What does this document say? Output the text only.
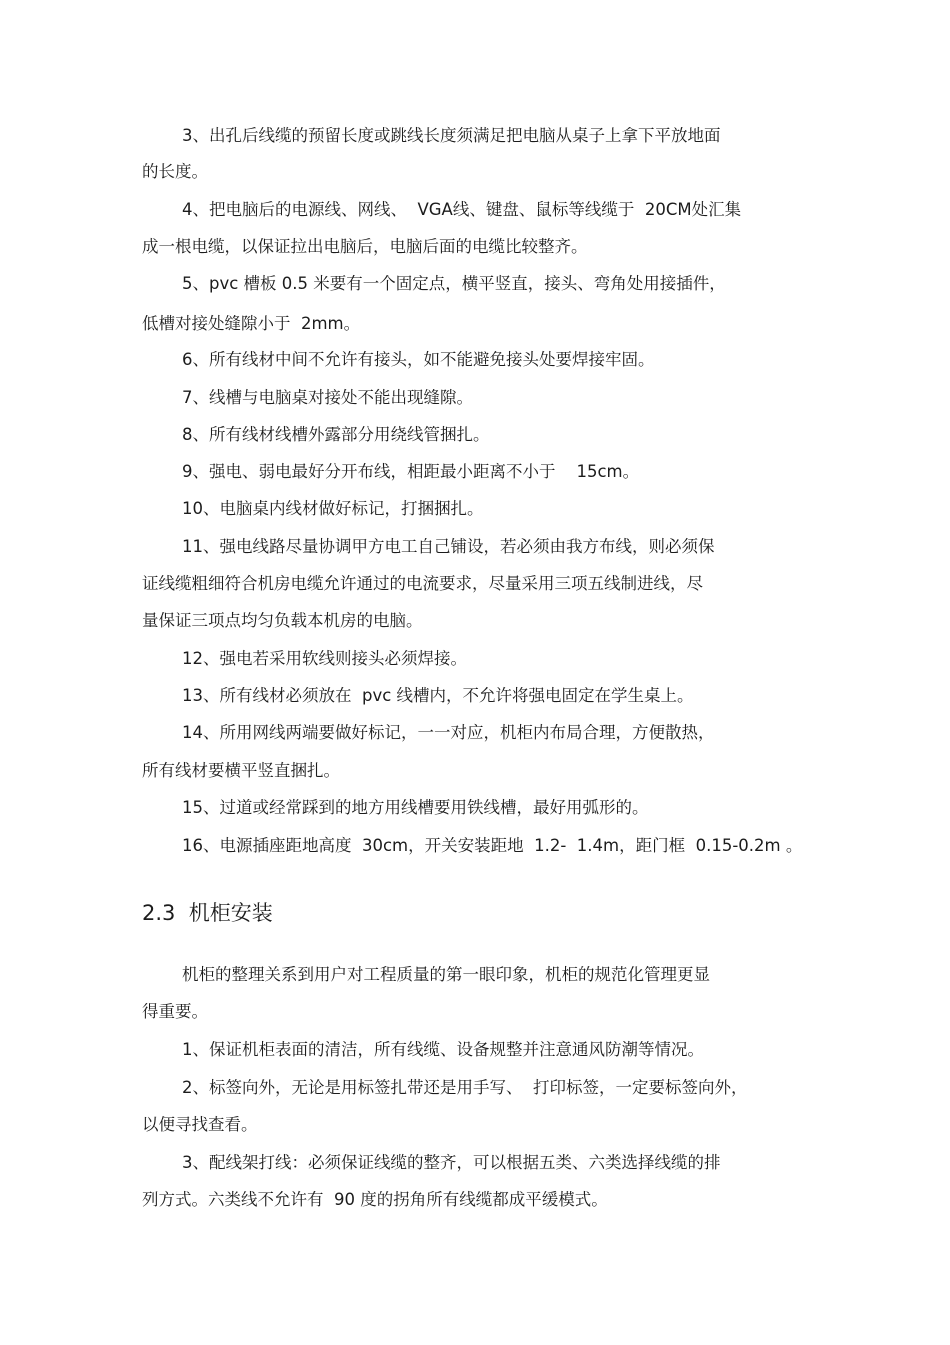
3、出孔后线缆的预留长度或跳线长度须满足把电脑从桌子上拿下平放地面
的长度。
4、把电脑后的电源线、网线、  VGA线、键盘、鼠标等线缆于  20CM处汇集
成一根电缆，以保证拉出电脑后，电脑后面的电缆比较整齐。
5、pvc 槽板 0.5 米要有一个固定点，横平竖直，接头、弯角处用接插件，
低槽对接处缝隙小于  2mm。
6、所有线材中间不允许有接头，如不能避免接头处要焊接牢固。
7、线槽与电脑桌对接处不能出现缝隙。
8、所有线材线槽外露部分用绕线管捆扎。
9、强电、弱电最好分开布线，相距最小距离不小于    15cm。
10、电脑桌内线材做好标记，打捆捆扎。
11、强电线路尽量协调甲方电工自己铺设，若必须由我方布线，则必须保
证线缆粗细符合机房电缆允许通过的电流要求，尽量采用三项五线制进线，尽
量保证三项点均匀负载本机房的电脑。
12、强电若采用软线则接头必须焊接。
13、所有线材必须放在  pvc 线槽内，不允许将强电固定在学生桌上。
14、所用网线两端要做好标记，一一对应，机柜内布局合理，方便散热，
所有线材要横平竖直捆扎。
15、过道或经常踩到的地方用线槽要用铁线槽，最好用弧形的。
16、电源插座距地高度  30cm，开关安装距地  1.2-  1.4m，距门框  0.15-0.2m 。
2.3  机柜安装
机柜的整理关系到用户对工程质量的第一眼印象，机柜的规范化管理更显
得重要。
1、保证机柜表面的清洁，所有线缆、设备规整并注意通风防潮等情况。
2、标签向外，无论是用标签扎带还是用手写、  打印标签，一定要标签向外，
以便寻找查看。
3、配线架打线：必须保证线缆的整齐，可以根据五类、六类选择线缆的排
列方式。六类线不允许有  90 度的拐角所有线缆都成平缓模式。
